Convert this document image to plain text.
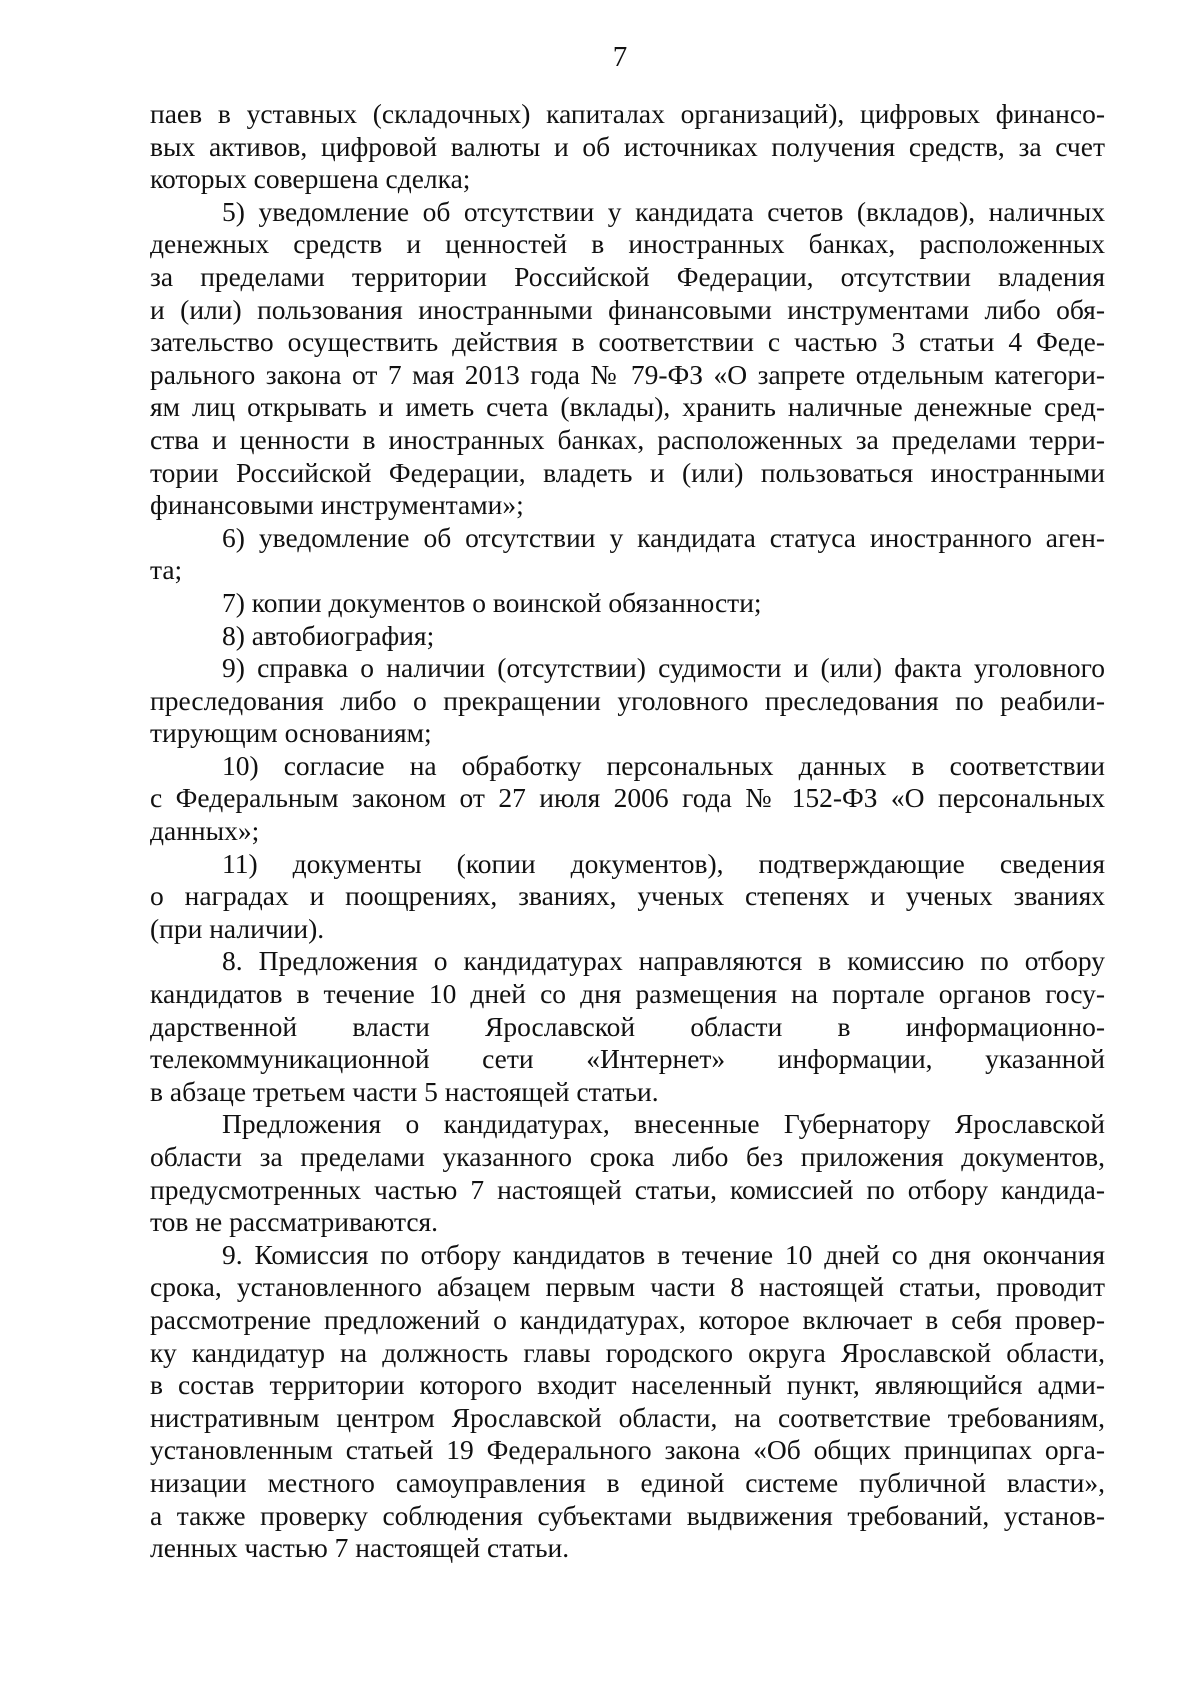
7
паев в уставных (складочных) капиталах организаций), цифровых финансо-
вых активов, цифровой валюты и об источниках получения средств, за счет
которых совершена сделка;
5) уведомление об отсутствии у кандидата счетов (вкладов), наличных
денежных средств и ценностей в иностранных банках, расположенных
за пределами территории Российской Федерации, отсутствии владения
и (или) пользования иностранными финансовыми инструментами либо обя-
зательство осуществить действия в соответствии с частью 3 статьи 4 Феде-
рального закона от 7 мая 2013 года № 79-ФЗ «О запрете отдельным категори-
ям лиц открывать и иметь счета (вклады), хранить наличные денежные сред-
ства и ценности в иностранных банках, расположенных за пределами терри-
тории Российской Федерации, владеть и (или) пользоваться иностранными
финансовыми инструментами»;
6) уведомление об отсутствии у кандидата статуса иностранного аген-
та;
7) копии документов о воинской обязанности;
8) автобиография;
9) справка о наличии (отсутствии) судимости и (или) факта уголовного
преследования либо о прекращении уголовного преследования по реабили-
тирующим основаниям;
10) согласие на обработку персональных данных в соответствии
с Федеральным законом от 27 июля 2006 года № 152-ФЗ «О персональных
данных»;
11) документы (копии документов), подтверждающие сведения
о наградах и поощрениях, званиях, ученых степенях и ученых званиях
(при наличии).
8. Предложения о кандидатурах направляются в комиссию по отбору
кандидатов в течение 10 дней со дня размещения на портале органов госу-
дарственной власти Ярославской области в информационно-
телекоммуникационной сети «Интернет» информации, указанной
в абзаце третьем части 5 настоящей статьи.
Предложения о кандидатурах, внесенные Губернатору Ярославской
области за пределами указанного срока либо без приложения документов,
предусмотренных частью 7 настоящей статьи, комиссией по отбору кандида-
тов не рассматриваются.
9. Комиссия по отбору кандидатов в течение 10 дней со дня окончания
срока, установленного абзацем первым части 8 настоящей статьи, проводит
рассмотрение предложений о кандидатурах, которое включает в себя провер-
ку кандидатур на должность главы городского округа Ярославской области,
в состав территории которого входит населенный пункт, являющийся адми-
нистративным центром Ярославской области, на соответствие требованиям,
установленным статьей 19 Федерального закона «Об общих принципах орга-
низации местного самоуправления в единой системе публичной власти»,
а также проверку соблюдения субъектами выдвижения требований, установ-
ленных частью 7 настоящей статьи.
